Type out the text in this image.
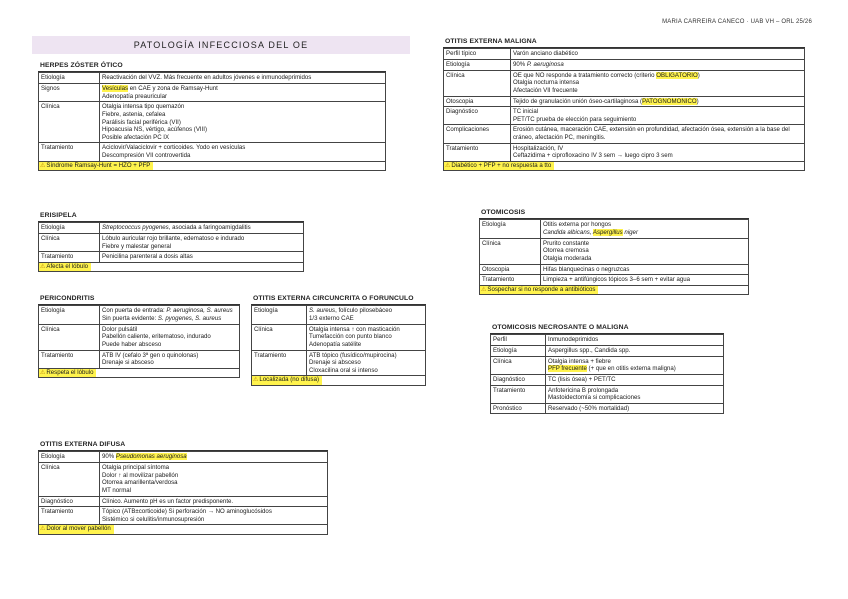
MARIA CARREIRA CANECO · UAB VH – ORL 25/26
PATOLOGÍA INFECCIOSA DEL OE
HERPES ZÓSTER ÓTICO
Etiología	Reactivación del VVZ. Más frecuente en adultos jóvenes e inmunodeprimidos
Signos	Vesículas en CAE y zona de Ramsay-Hunt
Adenopatía preauricular

Clínica	Otalgia intensa tipo quemazón
Fiebre, astenia, cefalea
Parálisis facial periférica (VII)
Hipoacusia NS, vértigo, acúfenos (VIII)
Posible afectación PC IX

Tratamiento	Aciclovir/Valaciclovir + corticoides. Yodo en vesículas
Descompresión VII controvertida

⚠Síndrome Ramsay-Hunt = HZO + PFP	
ERISIPELA
Etiología	Streptococcus pyogenes, asociada a faringoamigdalitis

Clínica	Lóbulo auricular rojo brillante, edematoso e indurado
Fiebre y malestar general

Tratamiento	Penicilina parenteral a dosis altas
⚠Afecta el lóbulo	
PERICONDRITIS
Etiología	Con puerta de entrada: P. aeruginosa, S. aureus
Sin puerta evidente: S. pyogenes, S. aureus

Clínica	Dolor pulsátil
Pabellón caliente, eritematoso, indurado
Puede haber absceso

Tratamiento	ATB IV (cefalo 3ª gen o quinolonas)
Drenaje si absceso

⚠Respeta el lóbulo	
OTITIS EXTERNA CIRCUNCRITA O FORÚNCULO
Etiología	S. aureus, folículo pilosebáceo
1/3 externo CAE

Clínica	Otalgia intensa ↑ con masticación
Tumefacción con punto blanco
Adenopatía satélite

Tratamiento	ATB tópico (fusídico/mupirocina)
Drenaje si absceso
Cloxacilina oral si intenso

⚠Localizada (no difusa)	
OTITIS EXTERNA DIFUSA
Etiología	90% Pseudomonas aeruginosa

Clínica	Otalgia principal síntoma
Dolor ↑ al movilizar pabellón
Otorrea amarillenta/verdosa
MT normal

Diagnóstico	Clínico. Aumento pH es un factor predisponente.
Tratamiento	Tópico (ATB±corticoide) Si perforación → NO aminoglucósidos
Sistémico si celulitis/inmunosupresión

⚠Dolor al mover pabellón	
OTITIS EXTERNA MALIGNA
Perfil típico	Varón anciano diabético
Etiología	90% P. aeruginosa

Clínica	OE que NO responde a tratamiento correcto (criterio OBLIGATORIO)
Otalgia nocturna intensa
Afectación VII frecuente

Otoscopia	Tejido de granulación unión óseo-cartilaginosa (PATOGNOMÓNICO)

Diagnóstico	TC inicial
PET/TC prueba de elección para seguimiento

Complicaciones	Erosión cutánea, maceración CAE, extensión en profundidad, afectación ósea, extensión a la base del cráneo, afectación PC, meningitis.
Tratamiento	Hospitalización, IV
Ceftazidima + ciprofloxacino IV 3 sem → luego cipro 3 sem

⚠Diabético + PFP + no respuesta a tto	
OTOMICOSIS
Etiología	Otitis externa por hongos
Candida albicans, Aspergillus niger

Clínica	Prurito constante
Otorrea cremosa
Otalgia moderada

Otoscopia	Hifas blanquecinas o negruzcas
Tratamiento	Limpieza + antifúngicos tópicos 3–6 sem + evitar agua

⚠Sospechar si no responde a antibióticos	
OTOMICOSIS NECROSANTE O MALIGNA
Perfil	Inmunodeprimidos
Etiología	Aspergillus spp., Candida spp.
Clínica	Otalgia intensa + fiebre
PFP frecuente (+ que en otitis externa maligna)

Diagnóstico	TC (lisis ósea) + PET/TC
Tratamiento	Anfotericina B prolongada
Mastoidectomía si complicaciones

Pronóstico	Reservado (~50% mortalidad)
